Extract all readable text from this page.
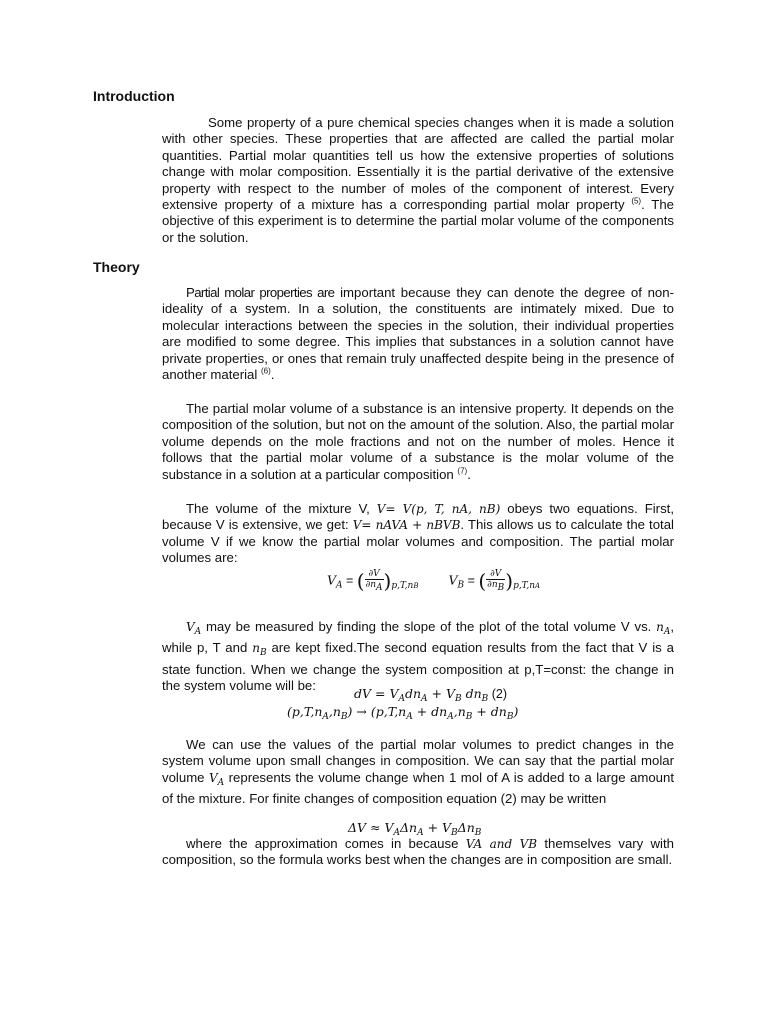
Introduction

Some property of a pure chemical species changes when it is made a solution with other species. These properties that are affected are called the partial molar quantities. Partial molar quantities tell us how the extensive properties of solutions change with molar composition. Essentially it is the partial derivative of the extensive property with respect to the number of moles of the component of interest. Every extensive property of a mixture has a corresponding partial molar property $^{(5)}$. The objective of this experiment is to determine the partial molar volume of the components or the solution.

Theory

Partial molar properties are important because they can denote the degree of non-ideality of a system. In a solution, the constituents are intimately mixed. Due to molecular interactions between the species in the solution, their individual properties are modified to some degree. This implies that substances in a solution cannot have private properties, or ones that remain truly unaffected despite being in the presence of another material $^{(6)}$.

The partial molar volume of a substance is an intensive property. It depends on the composition of the solution, but not on the amount of the solution. Also, the partial molar volume depends on the mole fractions and not on the number of moles. Hence it follows that the partial molar volume of a substance is the molar volume of the substance in a solution at a particular composition $^{(7)}$.

The volume of the mixture V, V= V(p, T, nA, nB) obeys two equations. First, because V is extensive, we get: V= nAVA + nBVB. This allows us to calculate the total volume V if we know the partial molar volumes and composition. The partial molar volumes are:

$V_A$ = ( $\frac{\partial V}{\partial nA} )_{p,T,nB}$ $V_B$ = ( $\frac{\partial V}{\partial nB} )_{p,T,nA}$

$V_A$ may be measured by finding the slope of the plot of the total volume V vs. $n_A$, while p, T and $n_B$ are kept fixed.The second equation results from the fact that V is a state function. When we change the system composition at p,T=const: the change in the system volume will be:

dV = $V_Adn_A + V_B$ $dn_B$ (2)
$(p,T,n_A,n_B) \to (p,T,n_A + dn_A,n_B + dn_B)$

We can use the values of the partial molar volumes to predict changes in the system volume upon small changes in composition. We can say that the partial molar volume $V_A$ represents the volume change when 1 mol of A is added to a large amount of the mixture. For finite changes of composition equation (2) may be written

$\Delta V \approx V_A\Delta n_A + V_B\Delta n_B$

where the approximation comes in because VA and VB themselves vary with composition, so the formula works best when the changes are in composition are small.
